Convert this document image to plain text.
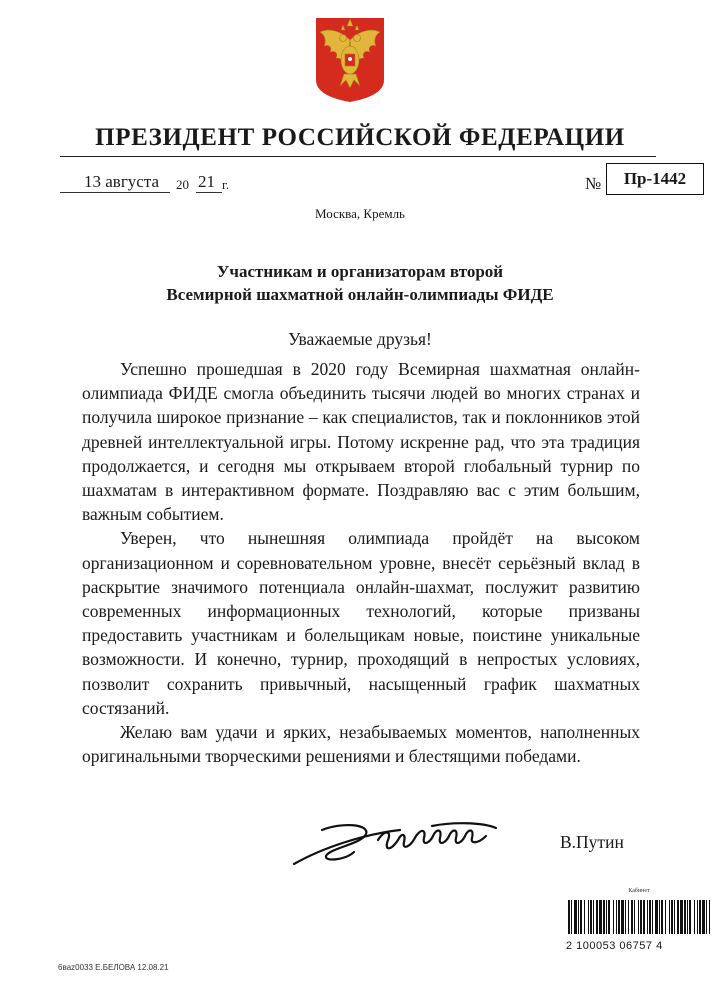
ПРЕЗИДЕНТ РОССИЙСКОЙ ФЕДЕРАЦИИ
13 августа 20 21 г.	№	Пр-1442
Москва, Кремль
Участникам и организаторам второй
Всемирной шахматной онлайн-олимпиады ФИДЕ
Уважаемые друзья!

Успешно прошедшая в 2020 году Всемирная шахматная онлайн-олимпиада ФИДЕ смогла объединить тысячи людей во многих странах и получила широкое признание – как специалистов, так и поклонников этой древней интеллектуальной игры. Потому искренне рад, что эта традиция продолжается, и сегодня мы открываем второй глобальный турнир по шахматам в интерактивном формате. Поздравляю вас с этим большим, важным событием.

Уверен, что нынешняя олимпиада пройдёт на высоком организационном и соревновательном уровне, внесёт серьёзный вклад в раскрытие значимого потенциала онлайн-шахмат, послужит развитию современных информационных технологий, которые призваны предоставить участникам и болельщикам новые, поистине уникальные возможности. И конечно, турнир, проходящий в непростых условиях, позволит сохранить привычный, насыщенный график шахматных состязаний.

Желаю вам удачи и ярких, незабываемых моментов, наполненных оригинальными творческими решениями и блестящими победами.

В.Путин
Кабинет
2 100053 06757 4
6вaz0033 Е.БЕЛОВА 12.08.21
